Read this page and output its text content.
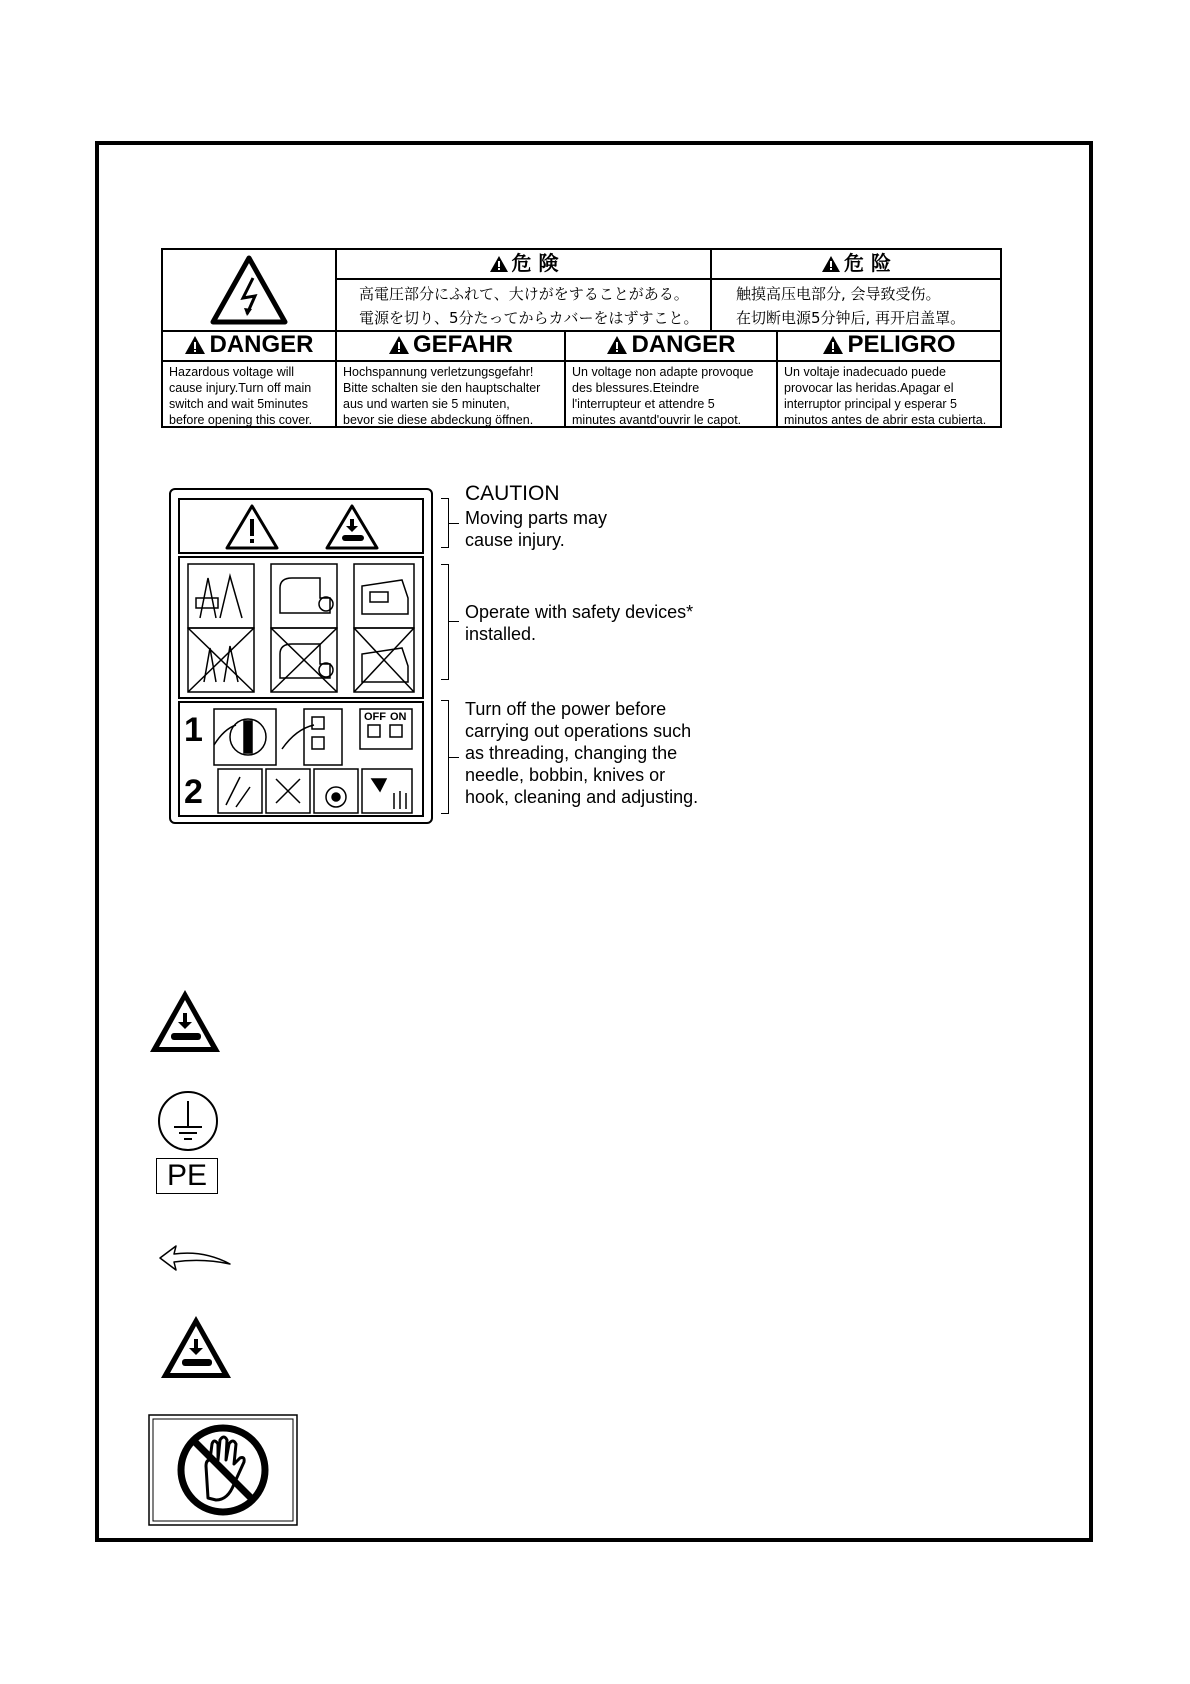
危 険
高電圧部分にふれて、大けがをすることがある。
電源を切り、5分たってからカバーをはずすこと。
危 险
触摸高压电部分, 会导致受伤。
在切断电源5分钟后, 再开启盖罩。
DANGER
Hazardous voltage will
cause injury.Turn off main
switch and wait 5minutes
before opening this cover.
GEFAHR
Hochspannung verletzungsgefahr!
Bitte schalten sie den hauptschalter
aus und warten sie 5 minuten,
bevor sie diese abdeckung öffnen.
DANGER
Un voltage non adapte provoque
des blessures.Eteindre
l'interrupteur et attendre 5
minutes avantd'ouvrir le capot.
PELIGRO
Un voltaje inadecuado puede
provocar las heridas.Apagar el
interruptor principal y esperar 5
minutos antes de abrir esta cubierta.
1
2
OFF ON
CAUTION
Moving parts may
cause injury.
Operate with safety devices*
installed.
Turn off the power before
carrying out operations such
as threading, changing the
needle, bobbin, knives or
hook, cleaning and adjusting.
PE
